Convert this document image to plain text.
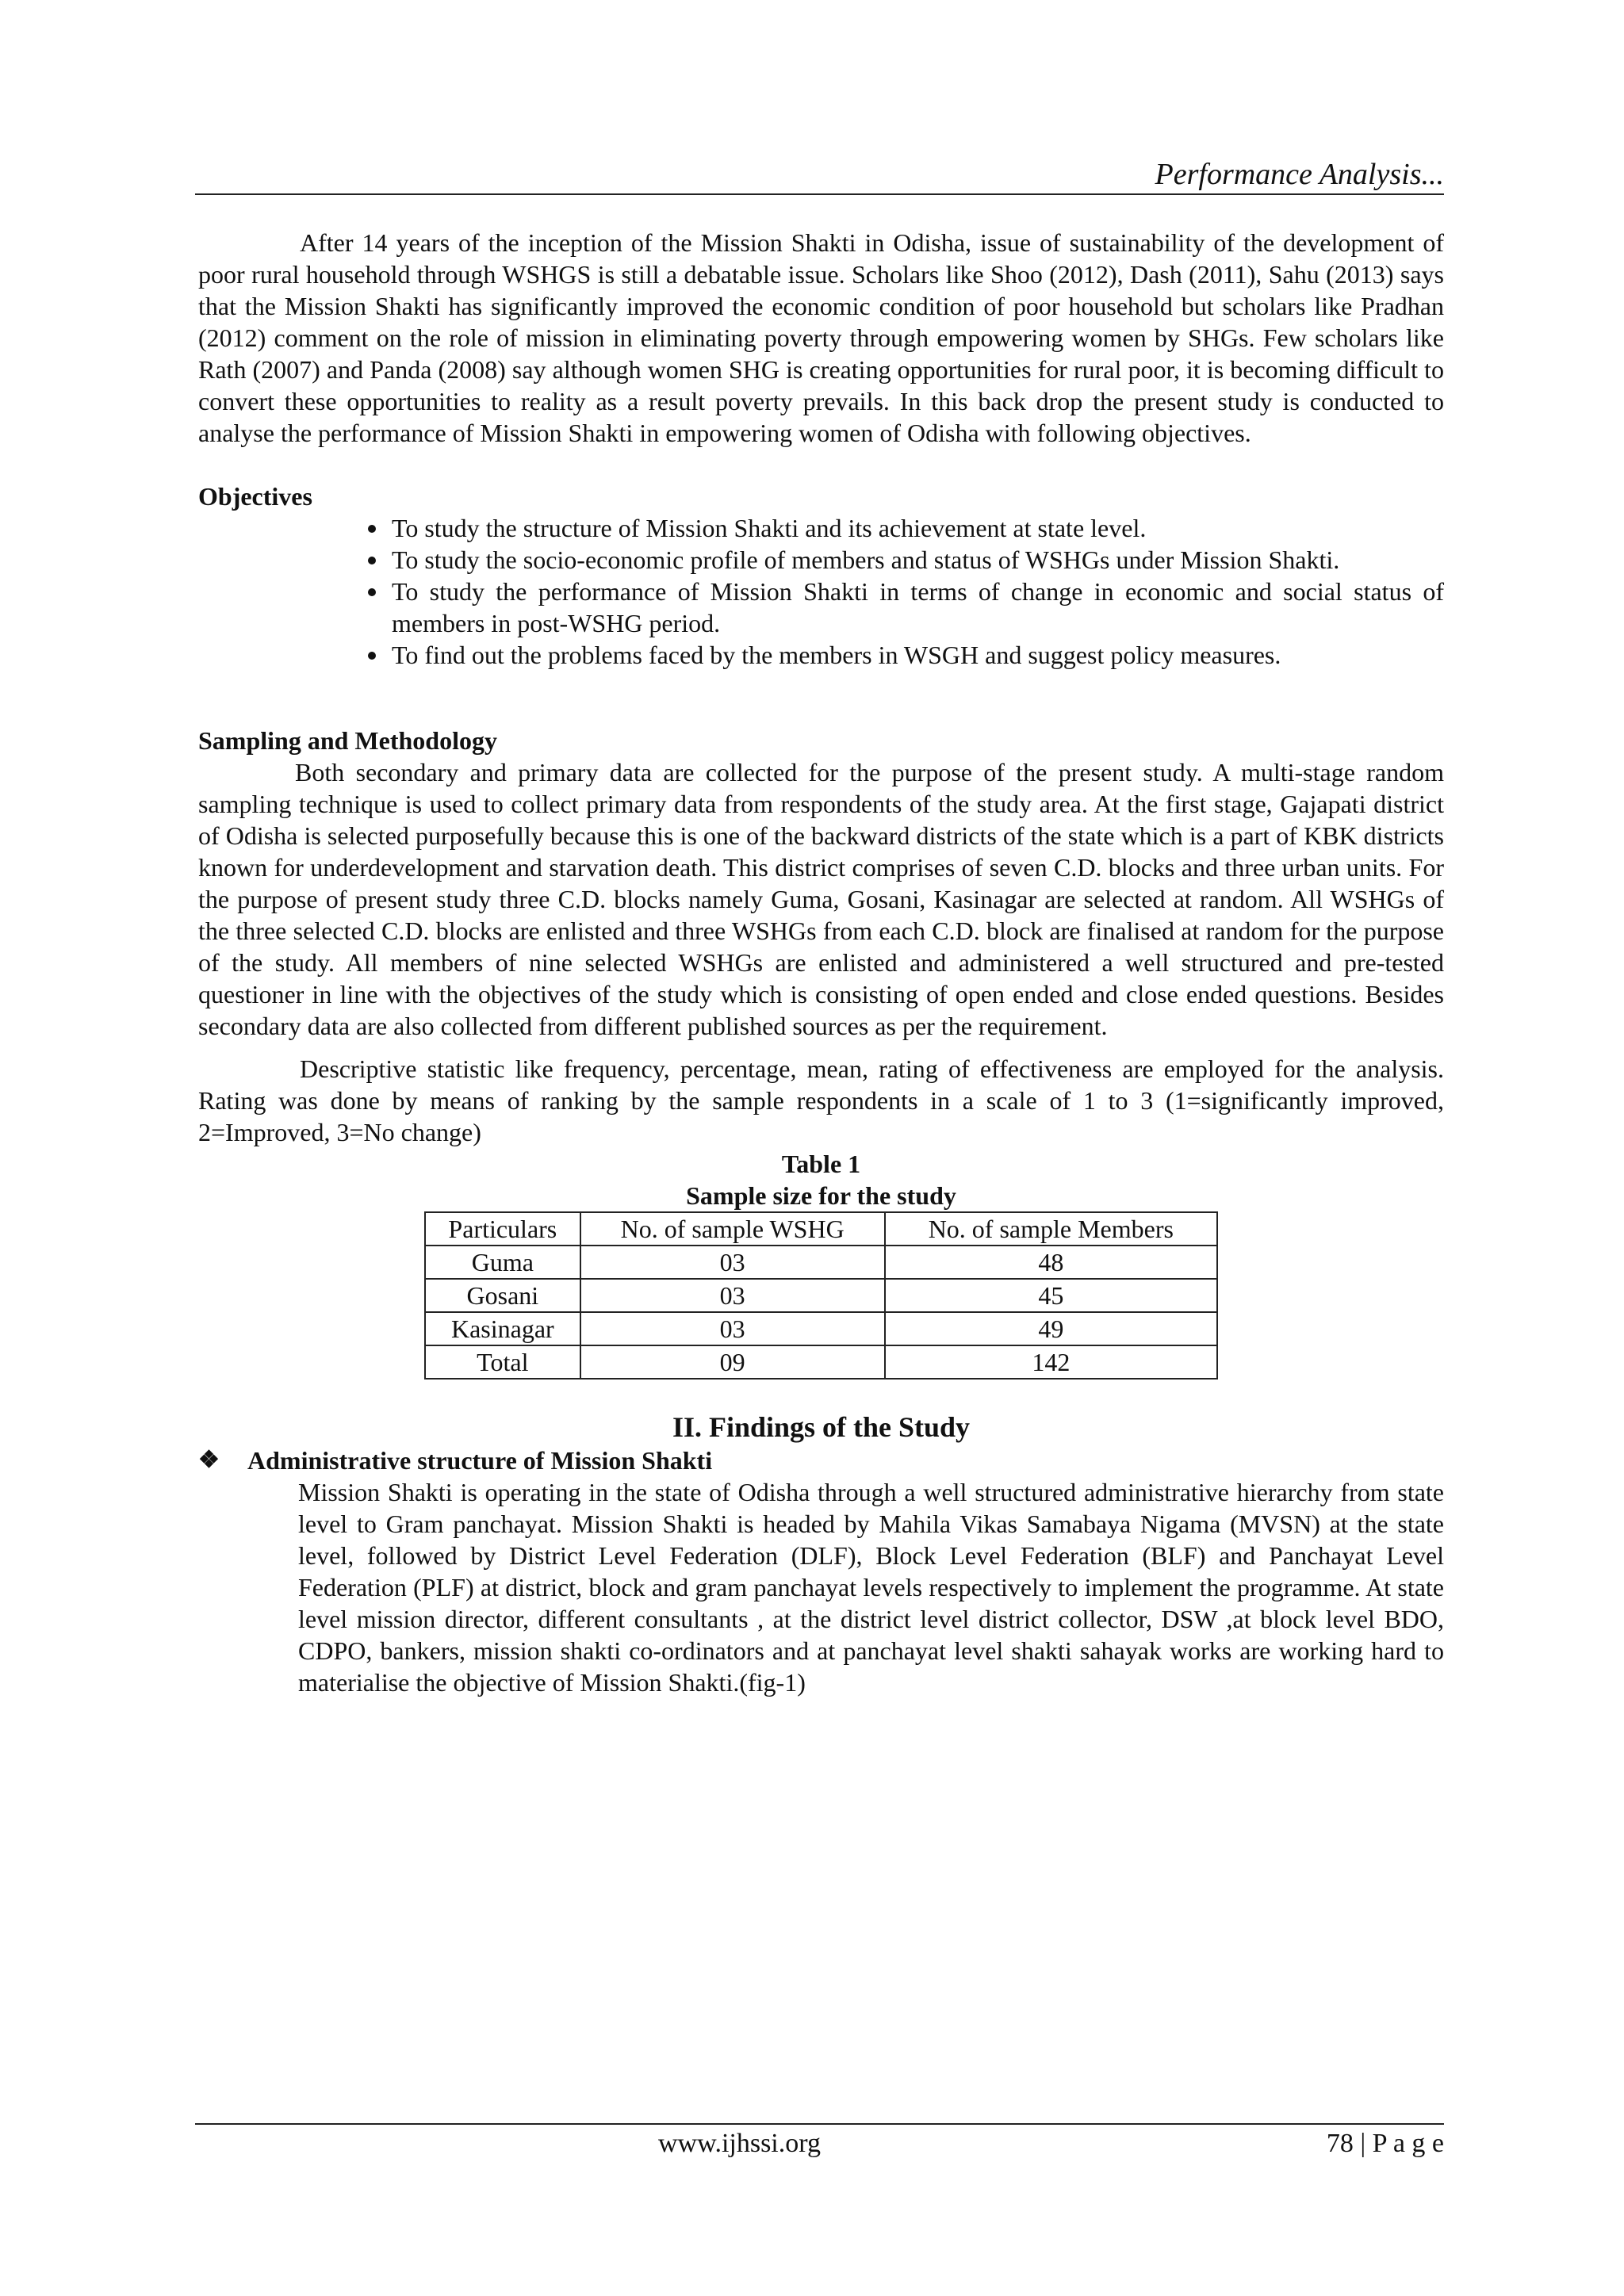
Performance Analysis...

After 14 years of the inception of the Mission Shakti in Odisha, issue of sustainability of the development of poor rural household through WSHGS is still a debatable issue. Scholars like Shoo (2012), Dash (2011), Sahu (2013) says that the Mission Shakti has significantly improved the economic condition of poor household but scholars like Pradhan (2012) comment on the role of mission in eliminating poverty through empowering women by SHGs. Few scholars like Rath (2007) and Panda (2008) say although women SHG is creating opportunities for rural poor, it is becoming difficult to convert these opportunities to reality as a result poverty prevails. In this back drop the present study is conducted to analyse the performance of Mission Shakti in empowering women of Odisha with following objectives.

Objectives

To study the structure of Mission Shakti and its achievement at state level.
To study the socio-economic profile of members and status of WSHGs under Mission Shakti.
To study the performance of Mission Shakti in terms of change in economic and social status of members in post-WSHG period.
To find out the problems faced by the members in WSGH and suggest policy measures.

Sampling and Methodology

Both secondary and primary data are collected for the purpose of the present study. A multi-stage random sampling technique is used to collect primary data from respondents of the study area. At the first stage, Gajapati district of Odisha is selected purposefully because this is one of the backward districts of the state which is a part of KBK districts known for underdevelopment and starvation death. This district comprises of seven C.D. blocks and three urban units. For the purpose of present study three C.D. blocks namely Guma, Gosani, Kasinagar are selected at random. All WSHGs of the three selected C.D. blocks are enlisted and three WSHGs from each C.D. block are finalised at random for the purpose of the study. All members of nine selected WSHGs are enlisted and administered a well structured and pre-tested questioner in line with the objectives of the study which is consisting of open ended and close ended questions. Besides secondary data are also collected from different published sources as per the requirement.

Descriptive statistic like frequency, percentage, mean, rating of effectiveness are employed for the analysis. Rating was done by means of ranking by the sample respondents in a scale of 1 to 3 (1=significantly improved, 2=Improved, 3=No change)

Table 1

Sample size for the study

Particulars	No. of sample WSHG	No. of sample Members
Guma	03	48
Gosani	03	45
Kasinagar	03	49
Total	09	142

II. Findings of the Study

❖ Administrative structure of Mission Shakti

Mission Shakti is operating in the state of Odisha through a well structured administrative hierarchy from state level to Gram panchayat. Mission Shakti is headed by Mahila Vikas Samabaya Nigama (MVSN) at the state level, followed by District Level Federation (DLF), Block Level Federation (BLF) and Panchayat Level Federation (PLF) at district, block and gram panchayat levels respectively to implement the programme. At state level mission director, different consultants , at the district level district collector, DSW ,at block level BDO, CDPO, bankers, mission shakti co-ordinators and at panchayat level shakti sahayak works are working hard to materialise the objective of Mission Shakti.(fig-1)

www.ijhssi.org	78 | P a g e
